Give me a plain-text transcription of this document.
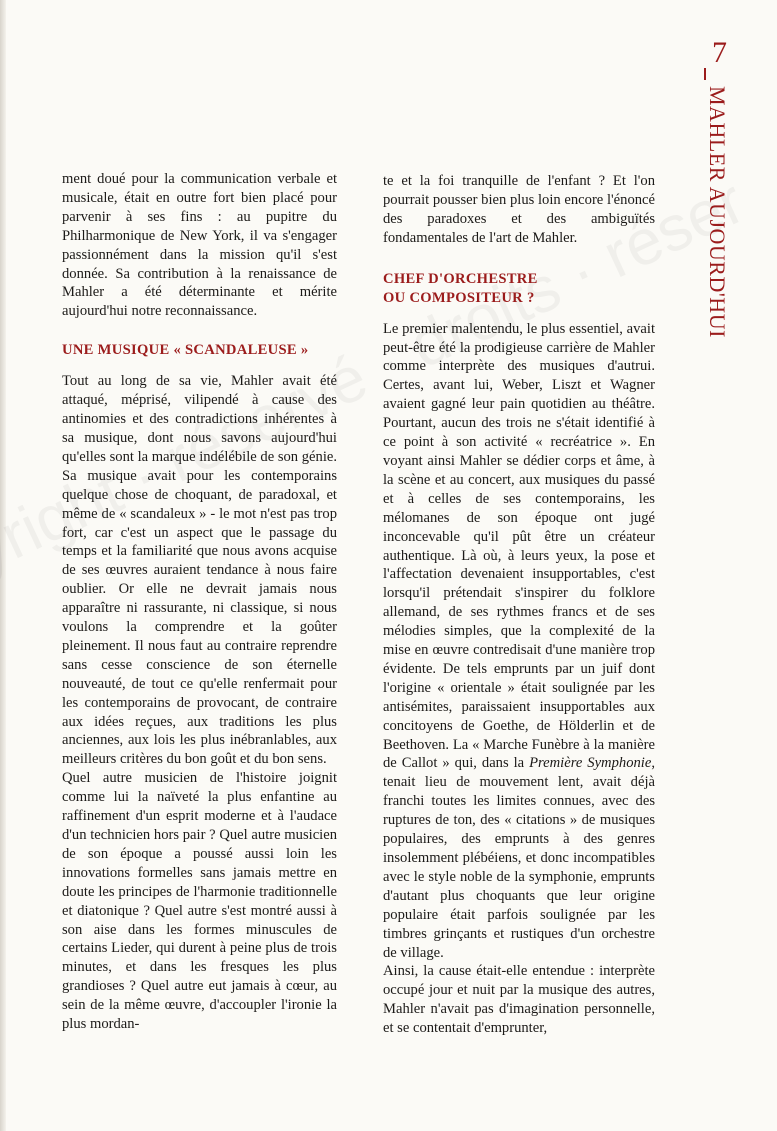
7
MAHLER AUJOURD'HUI

ment doué pour la communication verbale et musicale, était en outre fort bien placé pour parvenir à ses fins : au pupitre du Philharmonique de New York, il va s'engager passionnément dans la mission qu'il s'est donnée. Sa contribution à la renaissance de Mahler a été déterminante et mérite aujourd'hui notre reconnaissance.

UNE MUSIQUE « SCANDALEUSE »

Tout au long de sa vie, Mahler avait été attaqué, méprisé, vilipendé à cause des antinomies et des contradictions inhérentes à sa musique, dont nous savons aujourd'hui qu'elles sont la marque indélébile de son génie. Sa musique avait pour les contemporains quelque chose de choquant, de paradoxal, et même de « scandaleux » - le mot n'est pas trop fort, car c'est un aspect que le passage du temps et la familiarité que nous avons acquise de ses œuvres auraient tendance à nous faire oublier. Or elle ne devrait jamais nous apparaître ni rassurante, ni classique, si nous voulons la comprendre et la goûter pleinement. Il nous faut au contraire reprendre sans cesse conscience de son éternelle nouveauté, de tout ce qu'elle renfermait pour les contemporains de provocant, de contraire aux idées reçues, aux traditions les plus anciennes, aux lois les plus inébranlables, aux meilleurs critères du bon goût et du bon sens.

Quel autre musicien de l'histoire joignit comme lui la naïveté la plus enfantine au raffinement d'un esprit moderne et à l'audace d'un technicien hors pair ? Quel autre musicien de son époque a poussé aussi loin les innovations formelles sans jamais mettre en doute les principes de l'harmonie traditionnelle et diatonique ? Quel autre s'est montré aussi à son aise dans les formes minuscules de certains Lieder, qui durent à peine plus de trois minutes, et dans les fresques les plus grandioses ? Quel autre eut jamais à cœur, au sein de la même œuvre, d'accoupler l'ironie la plus mordan-

te et la foi tranquille de l'enfant ? Et l'on pourrait pousser bien plus loin encore l'énoncé des paradoxes et des ambiguïtés fondamentales de l'art de Mahler.

CHEF D'ORCHESTRE
OU COMPOSITEUR ?

Le premier malentendu, le plus essentiel, avait peut-être été la prodigieuse carrière de Mahler comme interprète des musiques d'autrui. Certes, avant lui, Weber, Liszt et Wagner avaient gagné leur pain quotidien au théâtre. Pourtant, aucun des trois ne s'était identifié à ce point à son activité « recréatrice ». En voyant ainsi Mahler se dédier corps et âme, à la scène et au concert, aux musiques du passé et à celles de ses contemporains, les mélomanes de son époque ont jugé inconcevable qu'il pût être un créateur authentique. Là où, à leurs yeux, la pose et l'affectation devenaient insupportables, c'est lorsqu'il prétendait s'inspirer du folklore allemand, de ses rythmes francs et de ses mélodies simples, que la complexité de la mise en œuvre contredisait d'une manière trop évidente. De tels emprunts par un juif dont l'origine « orientale » était soulignée par les antisémites, paraissaient insupportables aux concitoyens de Goethe, de Hölderlin et de Beethoven. La « Marche Funèbre à la manière de Callot » qui, dans la Première Symphonie, tenait lieu de mouvement lent, avait déjà franchi toutes les limites connues, avec des ruptures de ton, des « citations » de musiques populaires, des emprunts à des genres insolemment plébéiens, et donc incompatibles avec le style noble de la symphonie, emprunts d'autant plus choquants que leur origine populaire était parfois soulignée par les timbres grinçants et rustiques d'un orchestre de village.

Ainsi, la cause était-elle entendue : interprète occupé jour et nuit par la musique des autres, Mahler n'avait pas d'imagination personnelle, et se contentait d'emprunter,
